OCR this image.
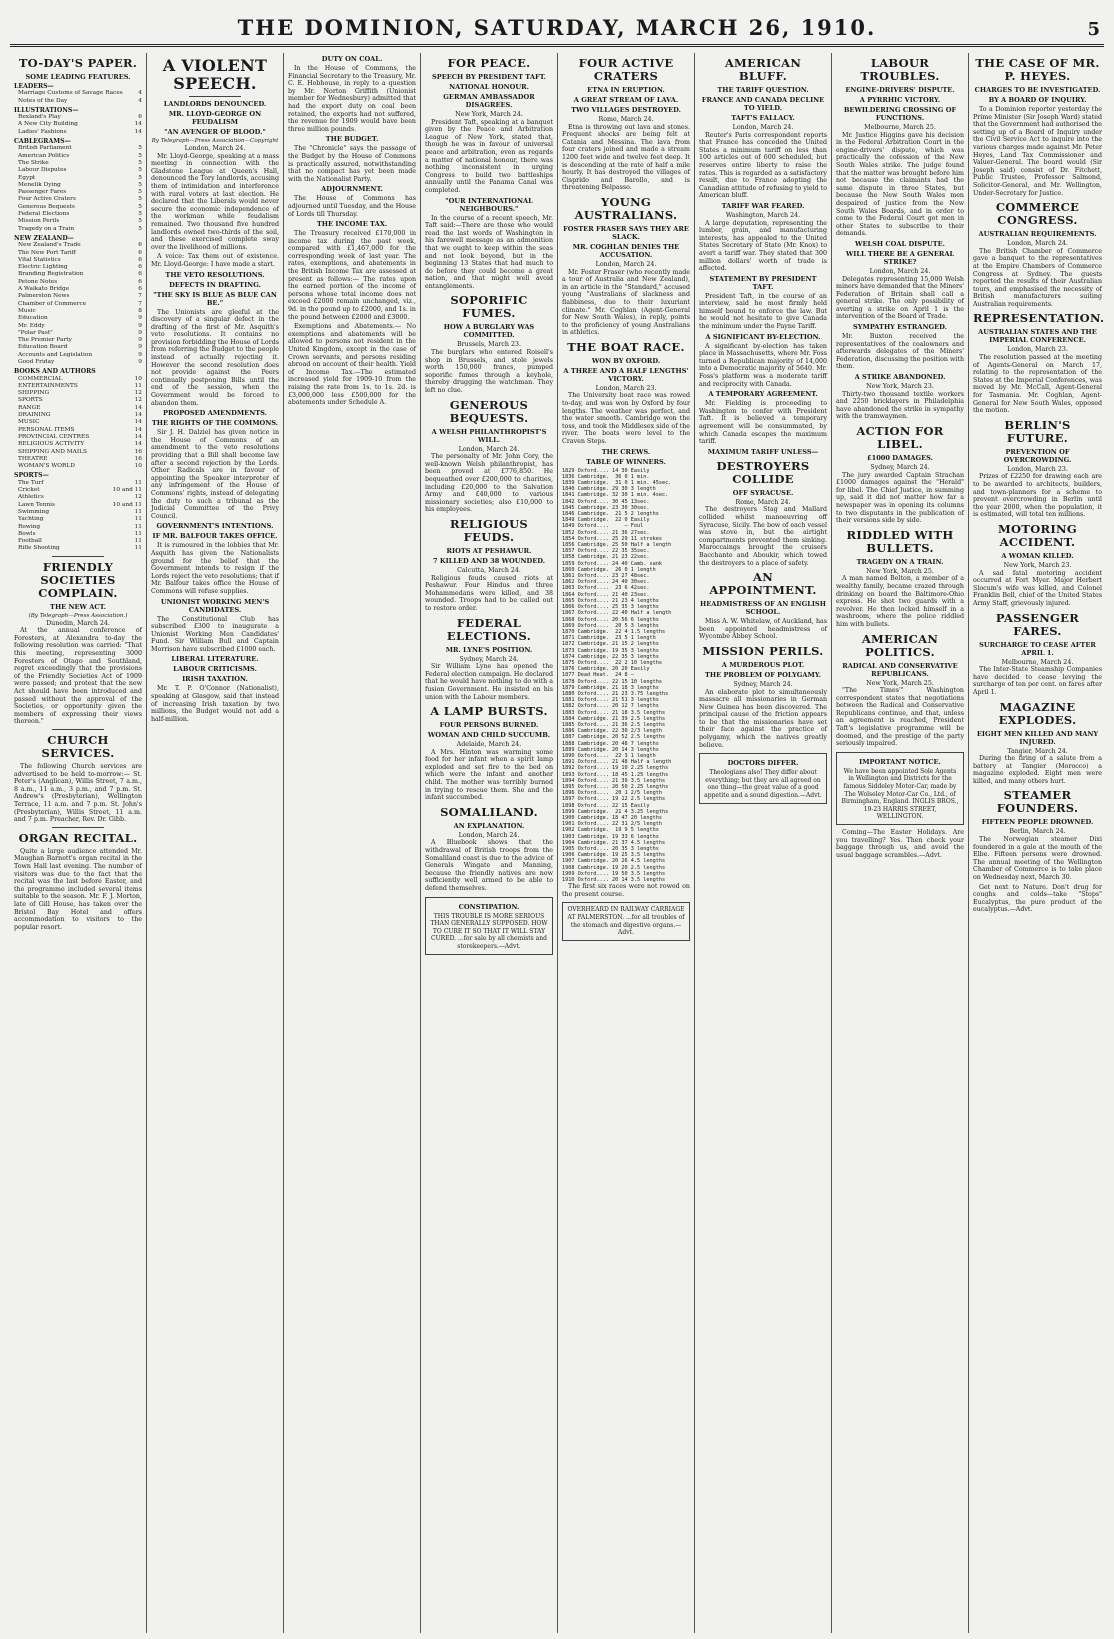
THE DOMINION, SATURDAY, MARCH 26, 1910.	5
TO-DAY'S PAPER.
SOME LEADING FEATURES.
LEADERS—
Marriage Customs of Savage Races	4
Notes of the Day	4
ILLUSTRATIONS—
Rexland's Play	6
A New City Building	14
Ladies' Fashions	14
CABLEGRAMS—
British Parliament	5
American Politics	5
The Strike	5
Labour Disputes	5
Egypt	5
Menelik Dying	5
Passenger Fares	5
Four Active Craters	5
Generous Bequests	5
Federal Elections	5
Mission Perils	5
Tragedy on a Train	5
NEW ZEALAND—
New Zealand's Trade	6
The New Port Tariff	6
Vital Statistics	6
Electric Lighting	6
Branding Registration	6
Petone Notes	6
A Waikato Bridge	6
Palmerston News	7
Chamber of Commerce	7
Music	8
Education	9
Mr. Eddy	9
"Polar Past"	9
The Premier Party	9
Education Board	9
Accounts and Legislation	9
Good Friday	9
BOOKS AND AUTHORS
COMMERCIAL	10
ENTERTAINMENTS	11
SHIPPING	12
SPORTS	12
RANGE	14
DRAINING	14
MUSIC	14
PERSONAL ITEMS	14
PROVINCIAL CENTRES	14
RELIGIOUS ACTIVITY	14
SHIPPING AND MAILS	16
THEATRE	16
WOMAN'S WORLD	10
SPORTS—
The Turf	11
Cricket	10 and 11
Athletics	12
Lawn Tennis	10 and 11
Swimming	11
Yachting	11
Rowing	11
Bowls	11
Football	11
Rifle Shooting	11
FRIENDLY SOCIETIES COMPLAIN.
THE NEW ACT.
(By Telegraph—Press Association.)
Dunedin, March 24.

At the annual conference of Foresters, at Alexandra to-day the following resolution was carried: "That this meeting, representing 3000 Foresters of Otago and Southland, regret exceedingly that the provisions of the Friendly Societies Act of 1909 were passed; and protest that the new Act should have been introduced and passed without the approval of the Societies, or opportunity given the members of expressing their views thereon."

CHURCH SERVICES.

The following Church services are advertised to be held to-morrow:— St. Peter's (Anglican), Willis Street, 7 a.m., 8 a.m., 11 a.m., 3 p.m., and 7 p.m. St. Andrew's (Presbyterian), Wellington Terrace, 11 a.m. and 7 p.m. St. John's (Presbyterian), Willis Street, 11 a.m. and 7 p.m. Preacher, Rev. Dr. Gibb.

ORGAN RECITAL.

Quite a large audience attended Mr. Maughan Barnett's organ recital in the Town Hall last evening. The number of visitors was due to the fact that the recital was the last before Easter, and the programme included several items suitable to the season. Mr. F. J. Morton, late of Gill House, has taken over the Bristol Bay Hotel and offers accommodation to visitors to the popular resort.

A VIOLENT SPEECH.
LANDLORDS DENOUNCED.
MR. LLOYD-GEORGE ON FEUDALISM
"AN AVENGER OF BLOOD."
By Telegraph—Press Association—Copyright
London, March 24.

Mr. Lloyd-George, speaking at a mass meeting in connection with the Gladstone League at Queen's Hall, denounced the Tory landlords, accusing them of intimidation and interference with rural voters at last election. He declared that the Liberals would never secure the economic independence of the workman while feudalism remained. Two thousand five hundred landlords owned two-thirds of the soil, and these exercised complete sway over the livelihood of millions.

A voice: Tax them out of existence. Mr. Lloyd-George: I have made a start.

THE VETO RESOLUTIONS.
DEFECTS IN DRAFTING.
"THE SKY IS BLUE AS BLUE CAN BE."

The Unionists are gleeful at the discovery of a singular defect in the drafting of the first of Mr. Asquith's veto resolutions. It contains no provision forbidding the House of Lords from referring the Budget to the people instead of actually rejecting it. However the second resolution does not provide against the Peers continually postponing Bills until the end of the session, when the Government would be forced to abandon them.

PROPOSED AMENDMENTS.
THE RIGHTS OF THE COMMONS.

Sir J. H. Dalziel has given notice in the House of Commons of an amendment to the veto resolutions providing that a Bill shall become law after a second rejection by the Lords. Other Radicals are in favour of appointing the Speaker interpreter of any infringement of the House of Commons' rights, instead of delegating the duty to such a tribunal as the Judicial Committee of the Privy Council.

GOVERNMENT'S INTENTIONS.
IF MR. BALFOUR TAKES OFFICE.

It is rumoured in the lobbies that Mr. Asquith has given the Nationalists ground for the belief that the Government intends to resign if the Lords reject the veto resolutions; that if Mr. Balfour takes office the House of Commons will refuse supplies.

UNIONIST WORKING MEN'S CANDIDATES.

The Constitutional Club has subscribed £300 to inaugurate a Unionist Working Men Candidates' Fund. Sir William Bull and Captain Morrison have subscribed £1000 each.

LIBERAL LITERATURE.
LABOUR CRITICISMS.
IRISH TAXATION.

Mr. T. P. O'Connor (Nationalist), speaking at Glasgow, said that instead of increasing Irish taxation by two millions, the Budget would not add a half-million.

DUTY ON COAL.

In the House of Commons, the Financial Secretary to the Treasury, Mr. C. E. Hobhouse, in reply to a question by Mr. Norton Griffith (Unionist member for Wednesbury) admitted that had the export duty on coal been retained, the exports had not suffered, the revenue for 1909 would have been three million pounds.

THE BUDGET.

The "Chronicle" says the passage of the Budget by the House of Commons is practically assured, notwithstanding that no compact has yet been made with the Nationalist Party.

ADJOURNMENT.

The House of Commons has adjourned until Tuesday, and the House of Lords till Thursday.

THE INCOME TAX.

The Treasury received £170,000 in income tax during the past week, compared with £1,467,000 for the corresponding week of last year. The rates, exemptions, and abatements in the British Income Tax are assessed at present as follows:— The rates upon the earned portion of the income of persons whose total income does not exceed £2000 remain unchanged, viz., 9d. in the pound up to £2000, and 1s. in the pound between £2000 and £3000.

Exemptions and Abatements.— No exemptions and abatements will be allowed to persons not resident in the United Kingdom, except in the case of Crown servants, and persons residing abroad on account of their health. Yield of Income Tax.—The estimated increased yield for 1909-10 from the raising the rate from 1s. to 1s. 2d. is £3,000,000 less £500,000 for the abatements under Schedule A.

FOR PEACE.
SPEECH BY PRESIDENT TAFT.
NATIONAL HONOUR.
GERMAN AMBASSADOR DISAGREES.
New York, March 24.

President Taft, speaking at a banquet given by the Peace and Arbitration League of New York, stated that, though he was in favour of universal peace and arbitration, even as regards a matter of national honour, there was nothing inconsistent in urging Congress to build two battleships annually until the Panama Canal was completed.

"OUR INTERNATIONAL NEIGHBOURS."

In the course of a recent speech, Mr. Taft said:—There are those who would read the last words of Washington in his farewell message as an admonition that we ought to keep within the seas and not look beyond, but in the beginning 13 States that had much to do before they could become a great nation, and that might well avoid entanglements.

SOPORIFIC FUMES.
HOW A BURGLARY WAS COMMITTED.
Brussels, March 23.

The burglars who entered Roisell's shop in Brussels, and stole jewels worth 150,000 francs, pumped soporific fumes through a keyhole, thereby drugging the watchman. They left no clue.

GENEROUS BEQUESTS.
A WELSH PHILANTHROPIST'S WILL.
London, March 24.

The personalty of Mr. John Cory, the well-known Welsh philanthropist, has been proved at £776,850. He bequeathed over £200,000 to charities, including £20,000 to the Salvation Army and £40,000 to various missionary societies; also £10,000 to his employees.

RELIGIOUS FEUDS.
RIOTS AT PESHAWUR.
7 KILLED AND 38 WOUNDED.
Calcutta, March 24.

Religious feuds caused riots at Peshawur. Four Hindus and three Mohammedans were killed, and 38 wounded. Troops had to be called out to restore order.

FEDERAL ELECTIONS.
MR. LYNE'S POSITION.
Sydney, March 24.

Sir William Lyne has opened the Federal election campaign. He declared that he would have nothing to do with a fusion Government. He insisted on his union with the Labour members.

A LAMP BURSTS.
FOUR PERSONS BURNED.
WOMAN AND CHILD SUCCUMB.
Adelaide, March 24.

A Mrs. Hinton was warming some food for her infant when a spirit lamp exploded and set fire to the bed on which were the infant and another child. The mother was terribly burned in trying to rescue them. She and the infant succumbed.

SOMALILAND.
AN EXPLANATION.
London, March 24.

A Bluebook shows that the withdrawal of British troops from the Somaliland coast is due to the advice of Generals Wingate and Manning, because the friendly natives are now sufficiently well armed to be able to defend themselves.

CONSTIPATION.
THIS TROUBLE IS MORE SERIOUS THAN GENERALLY SUPPOSED. HOW TO CURE IT SO THAT IT WILL STAY CURED. ...for sale by all chemists and storekeepers.—Advt.
FOUR ACTIVE CRATERS
ETNA IN ERUPTION.
A GREAT STREAM OF LAVA.
TWO VILLAGES DESTROYED.
Rome, March 24.

Etna is throwing out lava and stones. Frequent shocks are being felt at Catania and Messina. The lava from four craters joined and made a stream 1200 feet wide and twelve feet deep. It is descending at the rate of half a mile hourly. It has destroyed the villages of Cisprido and Barollo, and is threatening Belpasso.

YOUNG AUSTRALIANS.
FOSTER FRASER SAYS THEY ARE SLACK.
MR. COGHLAN DENIES THE ACCUSATION.
London, March 24.

Mr. Foster Fraser (who recently made a tour of Australia and New Zealand), in an article in the "Standard," accused young "Australians of slackness and flabbiness, due to their luxuriant climate." Mr. Coghlan (Agent-General for New South Wales), in reply, points to the proficiency of young Australians in athletics.

THE BOAT RACE.
WON BY OXFORD.
A THREE AND A HALF LENGTHS' VICTORY.
London, March 23.

The University boat race was rowed to-day, and was won by Oxford by four lengths. The weather was perfect, and the water smooth. Cambridge won the toss, and took the Middlesex side of the river. The boats were level to the Craven Steps.

THE CREWS.
TABLE OF WINNERS.
1829 Oxford.... 14 30 Easily
1836 Cambridge.  36 0 1 min.
1839 Cambridge.  31 0 1 min. 45sec.
1840 Cambridge. 29 30 3 length
1841 Cambridge. 32 30 1 min. 4sec.
1842 Oxford.... 30 45 13sec.
1845 Cambridge. 23 30 30sec.
1846 Cambridge.  21 5 2 lengths
1849 Cambridge.  22 0 Easily
1849 Oxford....     — Foul
1852 Oxford.... 21 36 27sec.
1854 Oxford.... 25 29 11 strokes
1856 Cambridge. 25 50 Half a length
1857 Oxford.... 22 35 35sec.
1858 Cambridge. 21 23 22sec.
1859 Oxford.... 24 40 Camb. sank
1860 Cambridge.  26 0 1 length
1861 Oxford.... 23 27 48sec.
1862 Oxford.... 24 40 30sec.
1863 Oxford....  23 6 42sec.
1864 Oxford.... 21 40 23sec.
1865 Oxford.... 21 23 4 lengths
1866 Oxford.... 25 35 3 lengths
1867 Oxford.... 22 40 Half a length
1868 Oxford.... 20 56 6 lengths
1869 Oxford....  20 5 3 lengths
1870 Cambridge.  22 4 1.5 lengths
1871 Cambridge.  23 5 1 length
1872 Cambridge. 21 15 2 lengths
1873 Cambridge. 19 35 3 lengths
1874 Cambridge. 22 35 3 lengths
1875 Oxford....  22 2 10 lengths
1876 Cambridge. 20 20 Easily
1877 Dead Heat.  24 8 —
1878 Oxford.... 22 15 10 lengths
1879 Cambridge. 21 18 3 lengths
1880 Oxford.... 21 23 3.75 lengths
1881 Oxford.... 21 51 3 lengths
1882 Oxford.... 20 12 7 lengths
1883 Oxford.... 21 18 3.5 lengths
1884 Cambridge. 21 39 2.5 lengths
1885 Oxford.... 21 36 2.5 lengths
1886 Cambridge. 22 30 2/3 length
1887 Cambridge. 20 52 2.5 lengths
1888 Cambridge. 20 48 7 lengths
1889 Cambridge. 20 14 3 lengths
1890 Oxford....  22 3 1 length
1891 Oxford.... 21 48 Half a length
1892 Oxford.... 19 10 2.25 lengths
1893 Oxford.... 18 45 1.25 lengths
1894 Oxford.... 21 39 3.5 lengths
1895 Oxford.... 20 50 2.25 lengths
1896 Oxford....  20 1 2/5 length
1897 Oxford.... 19 12 2.5 lengths
1898 Oxford.... 22 15 Easily
1899 Cambridge.  21 4 3.25 lengths
1900 Cambridge. 18 47 20 lengths
1901 Oxford.... 22 31 2/5 length
1902 Cambridge.  19 9 5 lengths
1903 Cambridge. 19 33 6 lengths
1904 Cambridge. 21 37 4.5 lengths
1905 Oxford.... 20 35 3 lengths
1906 Cambridge. 19 25 3.5 lengths
1907 Cambridge. 20 26 4.5 lengths
1908 Cambridge. 19 20 2.5 lengths
1909 Oxford.... 19 50 3.5 lengths
1910 Oxford.... 20 14 3.5 lengths

The first six races were not rowed on the present course.

OVERHEARD IN RAILWAY CARRIAGE AT PALMERSTON. ...for all troubles of the stomach and digestive organs.—Advt.
AMERICAN BLUFF.
THE TARIFF QUESTION.
FRANCE AND CANADA DECLINE TO YIELD.
TAFT'S FALLACY.
London, March 24.

Reuter's Paris correspondent reports that France has conceded the United States a minimum tariff on less than 100 articles out of 600 scheduled, but reserves entire liberty to raise the rates. This is regarded as a satisfactory result, due to France adopting the Canadian attitude of refusing to yield to American bluff.

TARIFF WAR FEARED.
Washington, March 24.

A large deputation, representing the lumber, grain, and manufacturing interests, has appealed to the United States Secretary of State (Mr. Knox) to avert a tariff war. They stated that 300 million dollars' worth of trade is affected.

STATEMENT BY PRESIDENT TAFT.

President Taft, in the course of an interview, said he most firmly held himself bound to enforce the law. But he would not hesitate to give Canada the minimum under the Payne Tariff.

A SIGNIFICANT BY-ELECTION.

A significant by-election has taken place in Massachusetts, where Mr. Foss turned a Republican majority of 14,000 into a Democratic majority of 5640. Mr. Foss's platform was a moderate tariff and reciprocity with Canada.

A TEMPORARY AGREEMENT.

Mr. Fielding is proceeding to Washington to confer with President Taft. It is believed a temporary agreement will be consummated, by which Canada escapes the maximum tariff.

MAXIMUM TARIFF UNLESS—
DESTROYERS COLLIDE
OFF SYRACUSE.
Rome, March 24.

The destroyers Stag and Mallard collided whilst manoeuvring off Syracuse, Sicily. The bow of each vessel was stove in, but the airtight compartments prevented them sinking. Maroccaings brought the cruisers Bacchante and Aboukir, which towed the destroyers to a place of safety.

AN APPOINTMENT.
HEADMISTRESS OF AN ENGLISH SCHOOL.

Miss A. W. Whitelaw, of Auckland, has been appointed headmistress of Wycombe Abbey School.

MISSION PERILS.
A MURDEROUS PLOT.
THE PROBLEM OF POLYGAMY.
Sydney, March 24.

An elaborate plot to simultaneously massacre all missionaries in German New Guinea has been discovered. The principal cause of the friction appears to be that the missionaries have set their face against the practice of polygamy, which the natives greatly believe.

DOCTORS DIFFER.
Theologians also! They differ about everything; but they are all agreed on one thing—the great value of a good appetite and a sound digestion.—Advt.
LABOUR TROUBLES.
ENGINE-DRIVERS' DISPUTE.
A PYRRHIC VICTORY.
BEWILDERING CROSSING OF FUNCTIONS.
Melbourne, March 25.

Mr. Justice Higgins gave his decision in the Federal Arbitration Court in the engine-drivers' dispute, which was practically the cofession of the New South Wales strike. The judge found that the matter was brought before him not because the claimants had the same dispute in three States, but because the New South Wales men despaired of justice from the New South Wales Boards, and in order to come to the Federal Court got men in other States to subscribe to their demands.

WELSH COAL DISPUTE.
WILL THERE BE A GENERAL STRIKE?
London, March 24.

Delegates representing 15,000 Welsh miners have demanded that the Miners' Federation of Britain shall call a general strike. The only possibility of averting a strike on April 1 is the intervention of the Board of Trade.

SYMPATHY ESTRANGED.

Mr. Buxton received the representatives of the coalowners and afterwards delegates of the Miners' Federation, discussing the position with them.

A STRIKE ABANDONED.
New York, March 23.

Thirty-two thousand textile workers and 2250 bricklayers in Philadelphia have abandoned the strike in sympathy with the tramwaymen.

ACTION FOR LIBEL.
£1000 DAMAGES.
Sydney, March 24.

The jury awarded Captain Strachan £1000 damages against the "Herald" for libel. The Chief Justice, in summing up, said it did not matter how far a newspaper was in opening its columns to two disputants in the publication of their versions side by side.

RIDDLED WITH BULLETS.
TRAGEDY ON A TRAIN.
New York, March 25.

A man named Belton, a member of a wealthy family, became crazed through drinking on board the Baltimore-Ohio express. He shot two guards with a revolver. He then locked himself in a washroom, where the police riddled him with bullets.

AMERICAN POLITICS.
RADICAL AND CONSERVATIVE REPUBLICANS.
New York, March 25.

"The Times'" Washington correspondent states that negotiations between the Radical and Conservative Republicans continue, and that, unless an agreement is reached, President Taft's legislative programme will be doomed, and the prestige of the party seriously impaired.

IMPORTANT NOTICE.
We have been appointed Sole Agents in Wellington and Districts for the famous Siddeley Motor-Car, made by The Wolseley Motor-Car Co., Ltd., of Birmingham, England. INGLIS BROS., 19-23 HARRIS STREET, WELLINGTON.

Coming—The Easter Holidays. Are you travelling? Yes. Then check your baggage through us, and avoid the usual baggage scrambles.—Advt.

THE CASE OF MR. P. HEYES.
CHARGES TO BE INVESTIGATED.
BY A BOARD OF INQUIRY.

To a Dominion reporter yesterday the Prime Minister (Sir Joseph Ward) stated that the Government had authorised the setting up of a Board of Inquiry under the Civil Service Act to inquire into the various charges made against Mr. Peter Heyes, Land Tax Commissioner and Valuer-General. The board would (Sir Joseph said) consist of Dr. Fitchett, Public Trustee, Professor Salmond, Solicitor-General, and Mr. Wellington, Under-Secretary for Justice.

COMMERCE CONGRESS.
AUSTRALIAN REQUIREMENTS.
London, March 24.

The British Chamber of Commerce gave a banquet to the representatives at the Empire Chambers of Commerce Congress at Sydney. The guests reported the results of their Australian tours, and emphasised the necessity of British manufacturers suiting Australian requirements.

REPRESENTATION.
AUSTRALIAN STATES AND THE IMPERIAL CONFERENCE.
London, March 23.

The resolution passed at the meeting of Agents-General on March 17, relating to the representation of the States at the Imperial Conferences, was moved by Mr. McCall, Agent-General for Tasmania. Mr. Coghlan, Agent-General for New South Wales, opposed the motion.

BERLIN'S FUTURE.
PREVENTION OF OVERCROWDING.
London, March 23.

Prizes of £2250 for drawing each are to be awarded to architects, builders, and town-planners for a scheme to prevent overcrowding in Berlin until the year 2000, when the population, it is estimated, will total ten millions.

MOTORING ACCIDENT.
A WOMAN KILLED.
New York, March 23.

A sad fatal motoring accident occurred at Fort Myer. Major Herbert Slocum's wife was killed, and Colonel Franklin Bell, chief of the United States Army Staff, grievously injured.

PASSENGER FARES.
SURCHARGE TO CEASE AFTER APRIL 1.
Melbourne, March 24.

The Inter-State Steamship Companies have decided to cease levying the surcharge of ten per cent. on fares after April 1.

MAGAZINE EXPLODES.
EIGHT MEN KILLED AND MANY INJURED.
Tangier, March 24.

During the firing of a salute from a battery at Tangier (Morocco) a magazine exploded. Eight men were killed, and many others hurt.

STEAMER FOUNDERS.
FIFTEEN PEOPLE DROWNED.
Berlin, March 24.

The Norwegian steamer Dixi foundered in a gale at the mouth of the Elbe. Fifteen persons were drowned. The annual meeting of the Wellington Chamber of Commerce is to take place on Wednesday next, March 30.

Get next to Nature. Don't drug for coughs and colds—take "Stops" Eucalyptus, the pure product of the eucalyptus.—Advt.
